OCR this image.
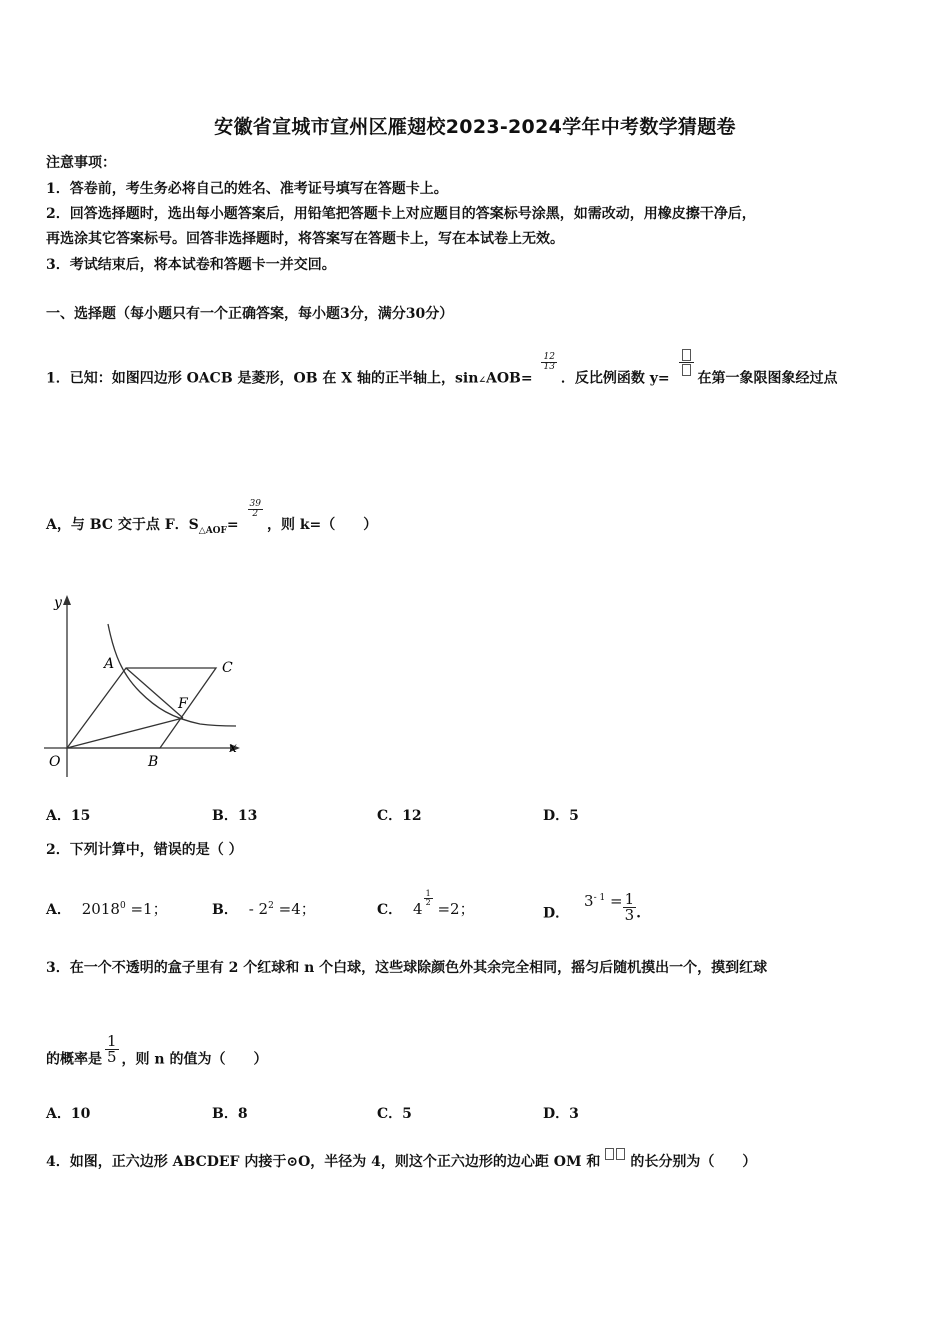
安徽省宣城市宣州区雁翅校2023-2024学年中考数学猜题卷
注意事项：
1．答卷前，考生务必将自己的姓名、准考证号填写在答题卡上。
2．回答选择题时，选出每小题答案后，用铅笔把答题卡上对应题目的答案标号涂黑，如需改动，用橡皮擦干净后，
再选涂其它答案标号。回答非选择题时，将答案写在答题卡上，写在本试卷上无效。
3．考试结束后，将本试卷和答题卡一并交回。
一、选择题（每小题只有一个正确答案，每小题3分，满分30分）
1．已知：如图四边形 OACB 是菱形，OB 在 X 轴的正半轴上，sin∠AOB=
$\frac{12}{13}$
．反比例函数 y= 在第一象限图象经过点
A，与 BC 交于点 F．$S_{\triangle AOF}=$
$\frac{39}{2}$
，则 k=（　　）
y
x
O
A	C
F
B
A．15	B．13	C．12	D．5
2．下列计算中，错误的是（ ）
A． $2018^0 =1$；	B． - $2^2 =4$；	C． 4
$\frac{1}{2}$
=2；	D． $3^{- 1} = \frac{1}{3}$ .
3．在一个不透明的盒子里有 2 个红球和 n 个白球，这些球除颜色外其余完全相同，摇匀后随机摸出一个，摸到红球
的概率是 $\frac{1}{5}$ ，则 n 的值为（　　）
A．10	B．8	C．5	D．3
4．如图，正六边形 ABCDEF 内接于⊙O，半径为 4，则这个正六边形的边心距 OM 和 的长分别为（　　）
